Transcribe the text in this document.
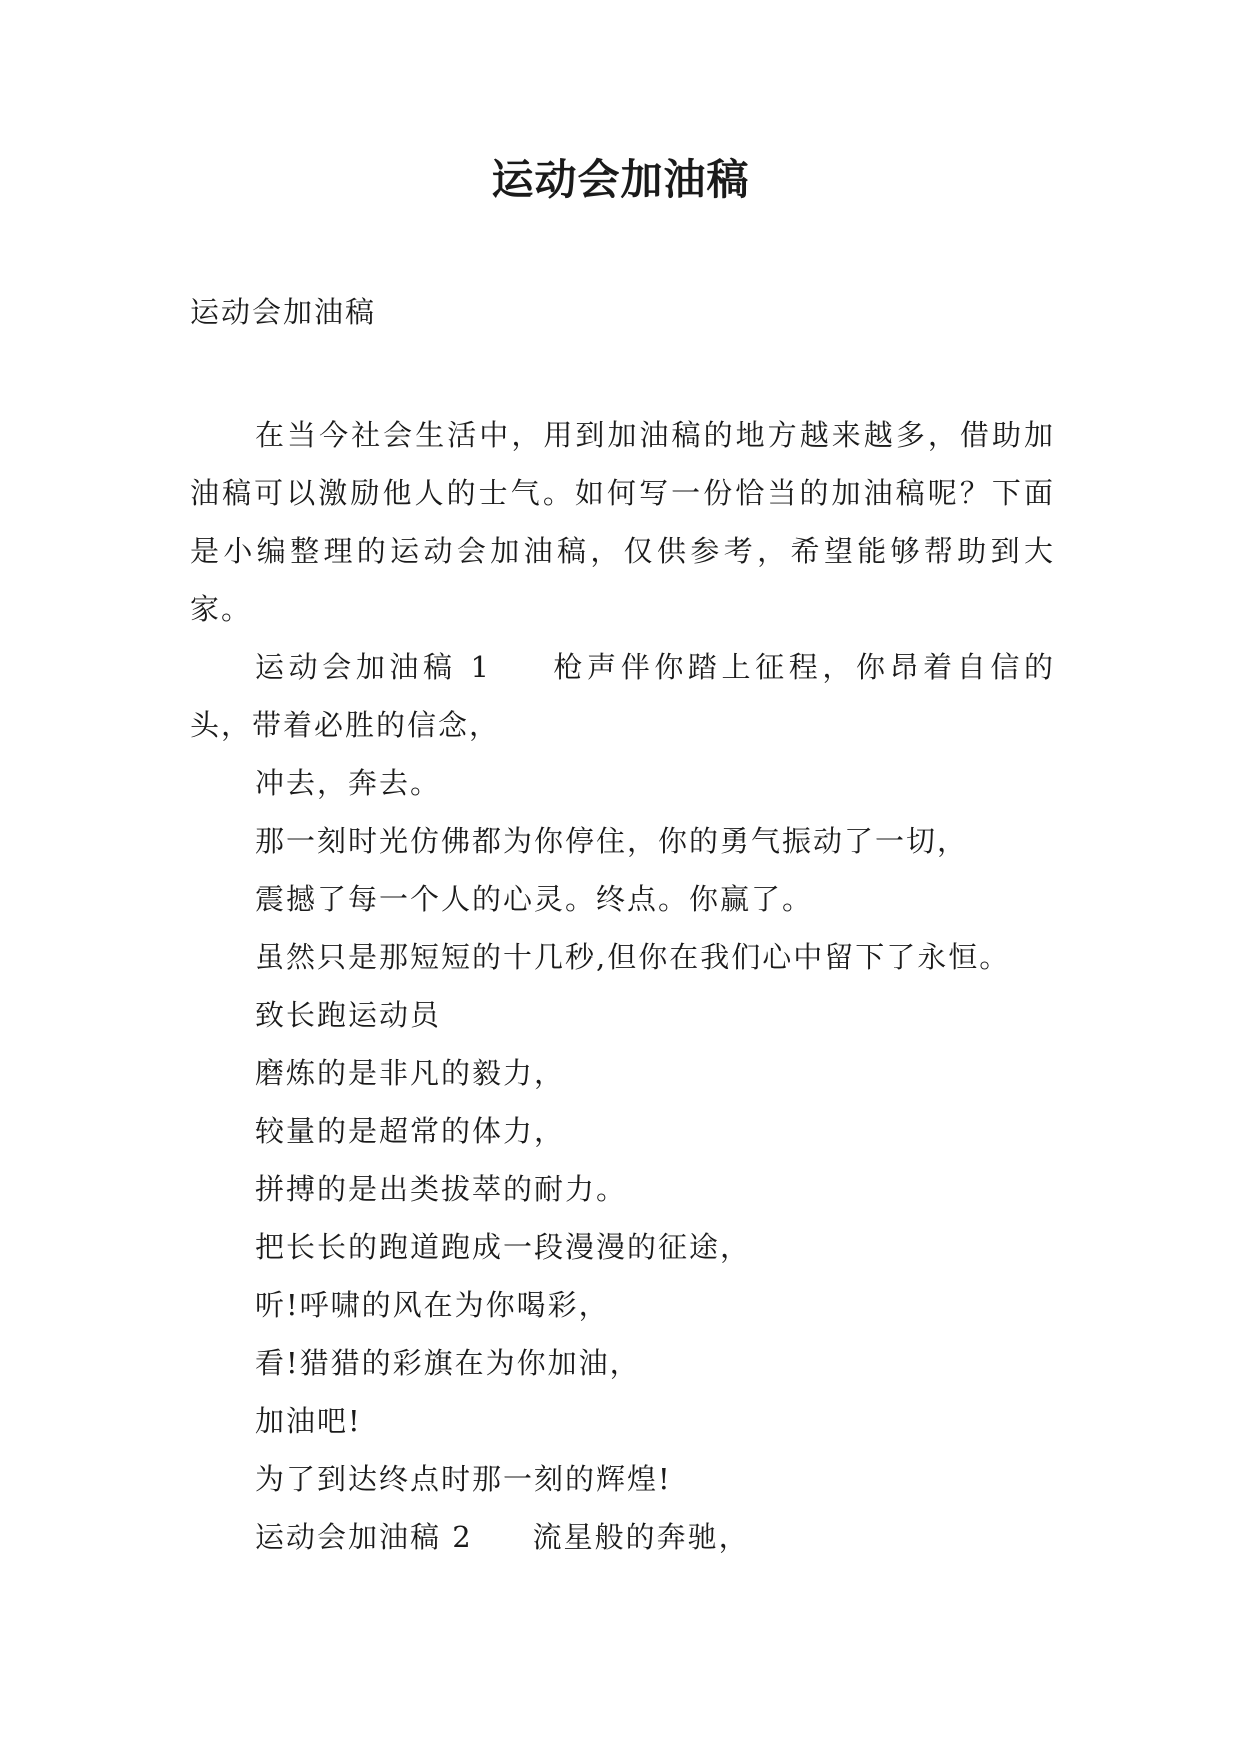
运动会加油稿

运动会加油稿

在当今社会生活中，用到加油稿的地方越来越多，借助加油稿可以激励他人的士气。如何写一份恰当的加油稿呢？下面是小编整理的运动会加油稿，仅供参考，希望能够帮助到大家。

运动会加油稿 1 枪声伴你踏上征程，你昂着自信的头，带着必胜的信念，

冲去，奔去。

那一刻时光仿佛都为你停住，你的勇气振动了一切，

震撼了每一个人的心灵。终点。你赢了。

虽然只是那短短的十几秒,但你在我们心中留下了永恒。

致长跑运动员

磨炼的是非凡的毅力，

较量的是超常的体力，

拼搏的是出类拔萃的耐力。

把长长的跑道跑成一段漫漫的征途，

听!呼啸的风在为你喝彩，

看!猎猎的彩旗在为你加油，

加油吧!

为了到达终点时那一刻的辉煌!

运动会加油稿 2 流星般的奔驰，
